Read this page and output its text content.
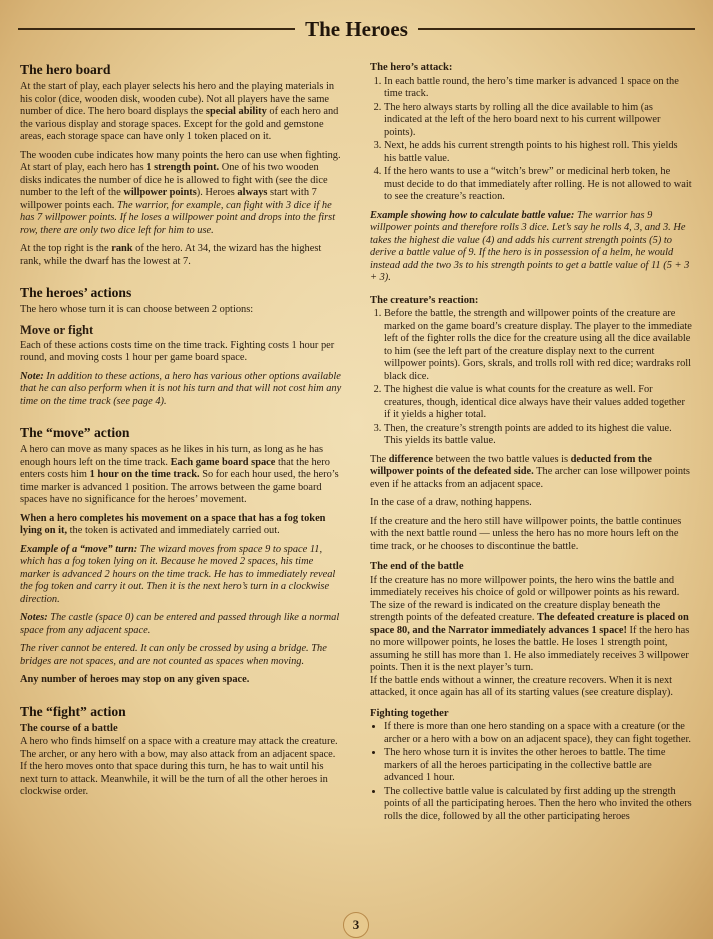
The Heroes
The hero board

At the start of play, each player selects his hero and the playing materials in his color (dice, wooden disk, wooden cube). Not all players have the same number of dice. The hero board displays the special ability of each hero and the various display and storage spaces. Except for the gold and gemstone areas, each storage space can have only 1 token placed on it.

The wooden cube indicates how many points the hero can use when fighting. At start of play, each hero has 1 strength point. One of his two wooden disks indicates the number of dice he is allowed to fight with (see the dice number to the left of the willpower points). Heroes always start with 7 willpower points each. The warrior, for example, can fight with 3 dice if he has 7 willpower points. If he loses a willpower point and drops into the first row, there are only two dice left for him to use.

At the top right is the rank of the hero. At 34, the wizard has the highest rank, while the dwarf has the lowest at 7.

The heroes’ actions

The hero whose turn it is can choose between 2 options:

Move or fight

Each of these actions costs time on the time track. Fighting costs 1 hour per round, and moving costs 1 hour per game board space.

Note: In addition to these actions, a hero has various other options available that he can also perform when it is not his turn and that will not cost him any time on the time track (see page 4).

The “move” action

A hero can move as many spaces as he likes in his turn, as long as he has enough hours left on the time track. Each game board space that the hero enters costs him 1 hour on the time track. So for each hour used, the hero’s time marker is advanced 1 position. The arrows between the game board spaces have no significance for the heroes’ movement.

When a hero completes his movement on a space that has a fog token lying on it, the token is activated and immediately carried out.

Example of a “move” turn: The wizard moves from space 9 to space 11, which has a fog token lying on it. Because he moved 2 spaces, his time marker is advanced 2 hours on the time track. He has to immediately reveal the fog token and carry it out. Then it is the next hero’s turn in a clockwise direction.

Notes: The castle (space 0) can be entered and passed through like a normal space from any adjacent space.

The river cannot be entered. It can only be crossed by using a bridge. The bridges are not spaces, and are not counted as spaces when moving.

Any number of heroes may stop on any given space.

The “fight” action
The course of a battle

A hero who finds himself on a space with a creature may attack the creature. The archer, or any hero with a bow, may also attack from an adjacent space. If the hero moves onto that space during this turn, he has to wait until his next turn to attack. Meanwhile, it will be the turn of all the other heroes in clockwise order.

The hero’s attack:
1. In each battle round, the hero’s time marker is advanced 1 space on the time track.
2. The hero always starts by rolling all the dice available to him (as indicated at the left of the hero board next to his current willpower points).
3. Next, he adds his current strength points to his highest roll. This yields his battle value.
4. If the hero wants to use a “witch’s brew” or medicinal herb token, he must decide to do that immediately after rolling. He is not allowed to wait to see the creature’s reaction.

Example showing how to calculate battle value: The warrior has 9 willpower points and therefore rolls 3 dice. Let’s say he rolls 4, 3, and 3. He takes the highest die value (4) and adds his current strength points (5) to derive a battle value of 9. If the hero is in possession of a helm, he would instead add the two 3s to his strength points to get a battle value of 11 (5 + 3 + 3).

The creature’s reaction:
1. Before the battle, the strength and willpower points of the creature are marked on the game board’s creature display. The player to the immediate left of the fighter rolls the dice for the creature using all the dice available to him (see the left part of the creature display next to the current willpower points). Gors, skrals, and trolls roll with red dice; wardraks roll black dice.
2. The highest die value is what counts for the creature as well. For creatures, though, identical dice always have their values added together if it yields a higher total.
3. Then, the creature’s strength points are added to its highest die value. This yields its battle value.

The difference between the two battle values is deducted from the willpower points of the defeated side. The archer can lose willpower points even if he attacks from an adjacent space.

In the case of a draw, nothing happens.

If the creature and the hero still have willpower points, the battle continues with the next battle round — unless the hero has no more hours left on the time track, or he chooses to discontinue the battle.

The end of the battle

If the creature has no more willpower points, the hero wins the battle and immediately receives his choice of gold or willpower points as his reward. The size of the reward is indicated on the creature display beneath the strength points of the defeated creature. The defeated creature is placed on space 80, and the Narrator immediately advances 1 space! If the hero has no more willpower points, he loses the battle. He loses 1 strength point, assuming he still has more than 1. He also immediately receives 3 willpower points. Then it is the next player’s turn.

If the battle ends without a winner, the creature recovers. When it is next attacked, it once again has all of its starting values (see creature display).

Fighting together
• If there is more than one hero standing on a space with a creature (or the archer or a hero with a bow on an adjacent space), they can fight together.
• The hero whose turn it is invites the other heroes to battle. The time markers of all the heroes participating in the collective battle are advanced 1 hour.
• The collective battle value is calculated by first adding up the strength points of all the participating heroes. Then the hero who invited the others rolls the dice, followed by all the other participating heroes
3
